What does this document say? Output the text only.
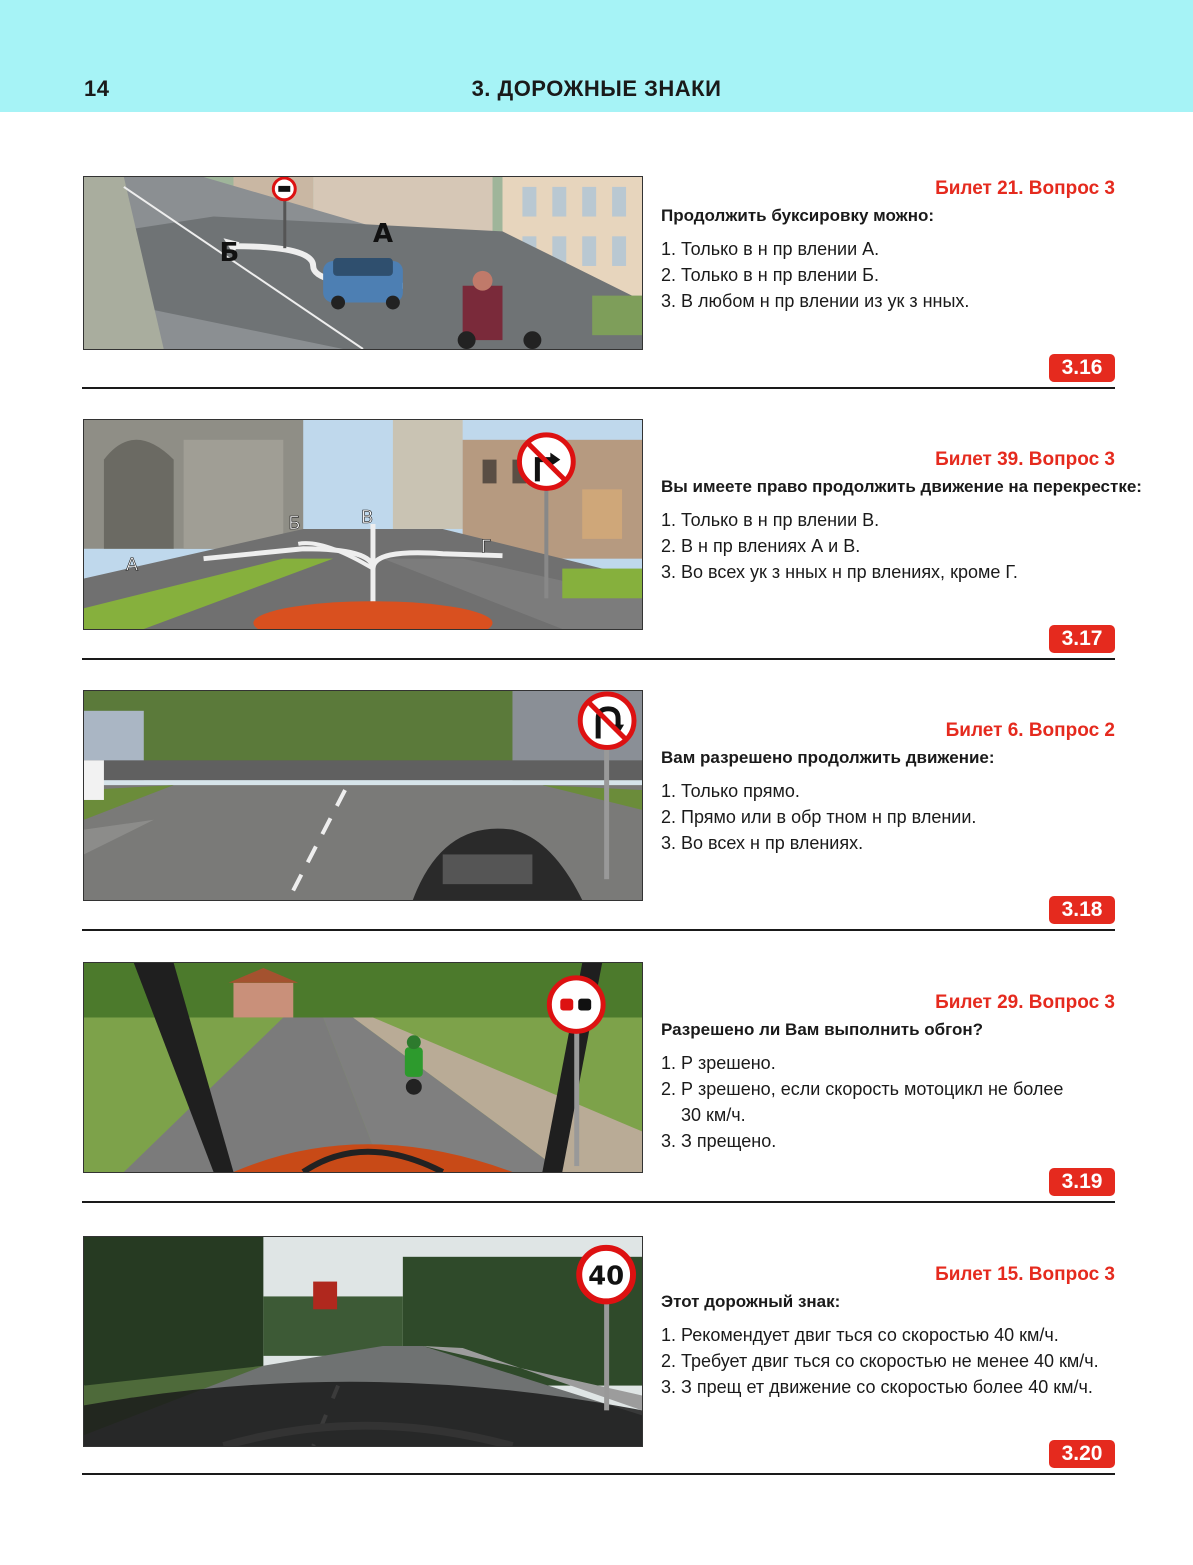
14	3. ДОРОЖНЫЕ ЗНАКИ
Б
А
Билет 21. Вопрос 3
Продолжить буксировку можно:
1. Только в н пр влении А.
2. Только в н пр влении Б.
3. В любом н пр влении из ук з нных.
3.16
А
Б	В
Г
Билет 39. Вопрос 3
Вы имеете право продолжить движение на перекрестке:
1. Только в н пр влении В.
2. В н пр влениях А и В.
3. Во всех ук з нных н пр влениях, кроме Г.
3.17
Билет 6. Вопрос 2
Вам разрешено продолжить движение:
1. Только прямо.
2. Прямо или в обр тном н пр влении.
3. Во всех н пр влениях.
3.18
Билет 29. Вопрос 3
Разрешено ли Вам выполнить обгон?
1. Р зрешено.
2. Р зрешено, если скорость мотоцикл не более
30 км/ч.
3. З прещено.
3.19
40	Билет 15. Вопрос 3
Этот дорожный знак:
1. Рекомендует двиг ться со скоростью 40 км/ч.
2. Требует двиг ться со скоростью не менее 40 км/ч.
3. З прещ ет движение со скоростью более 40 км/ч.
3.20
